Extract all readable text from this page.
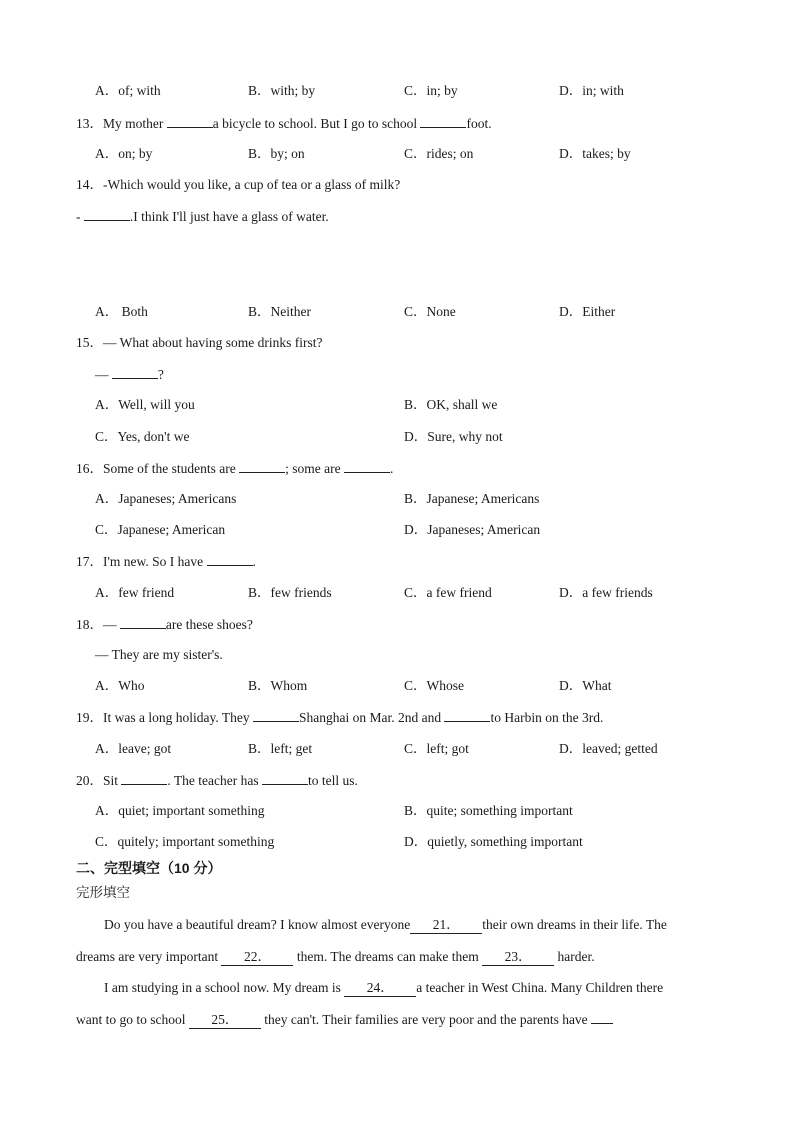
A．of; with	B．with; by	C．in; by	D．in; with
13．My mother	a bicycle to school. But I go to school	foot.
A．on; by	B．by; on	C．rides; on	D．takes; by
14．-Which would you like, a cup of tea or a glass of milk?
-	.I think I'll just have a glass of water.
A． Both	B．Neither	C．None	D．Either
15．— What about having some drinks first?
—	?
A．Well, will you	B．OK, shall we
C．Yes, don't we	D．Sure, why not
16．Some of the students are	; some are	.
A．Japaneses; Americans	B．Japanese; Americans
C．Japanese; American	D．Japaneses; American
17．I'm new. So I have	.
A．few friend	B．few friends	C．a few friend	D．a few friends
18．—	are these shoes?
— They are my sister's.
A．Who	B．Whom	C．Whose	D．What
19．It was a long holiday. They	Shanghai on Mar. 2nd and	to Harbin on the 3rd.
A．leave; got	B．left; get	C．left; got	D．leaved; getted
20．Sit	. The teacher has	to tell us.
A．quiet; important something	B．quite; something important
C．quitely; important something	D．quietly, something important
二、完型填空（10 分）
完形填空
Do you have a beautiful dream? I know almost everyone 21． their own dreams in their life. The
dreams are very important 22． them. The dreams can make them 23． harder.
I am studying in a school now. My dream is 24． a teacher in West China. Many Children there
want to go to school 25． they can't. Their families are very poor and the parents have
